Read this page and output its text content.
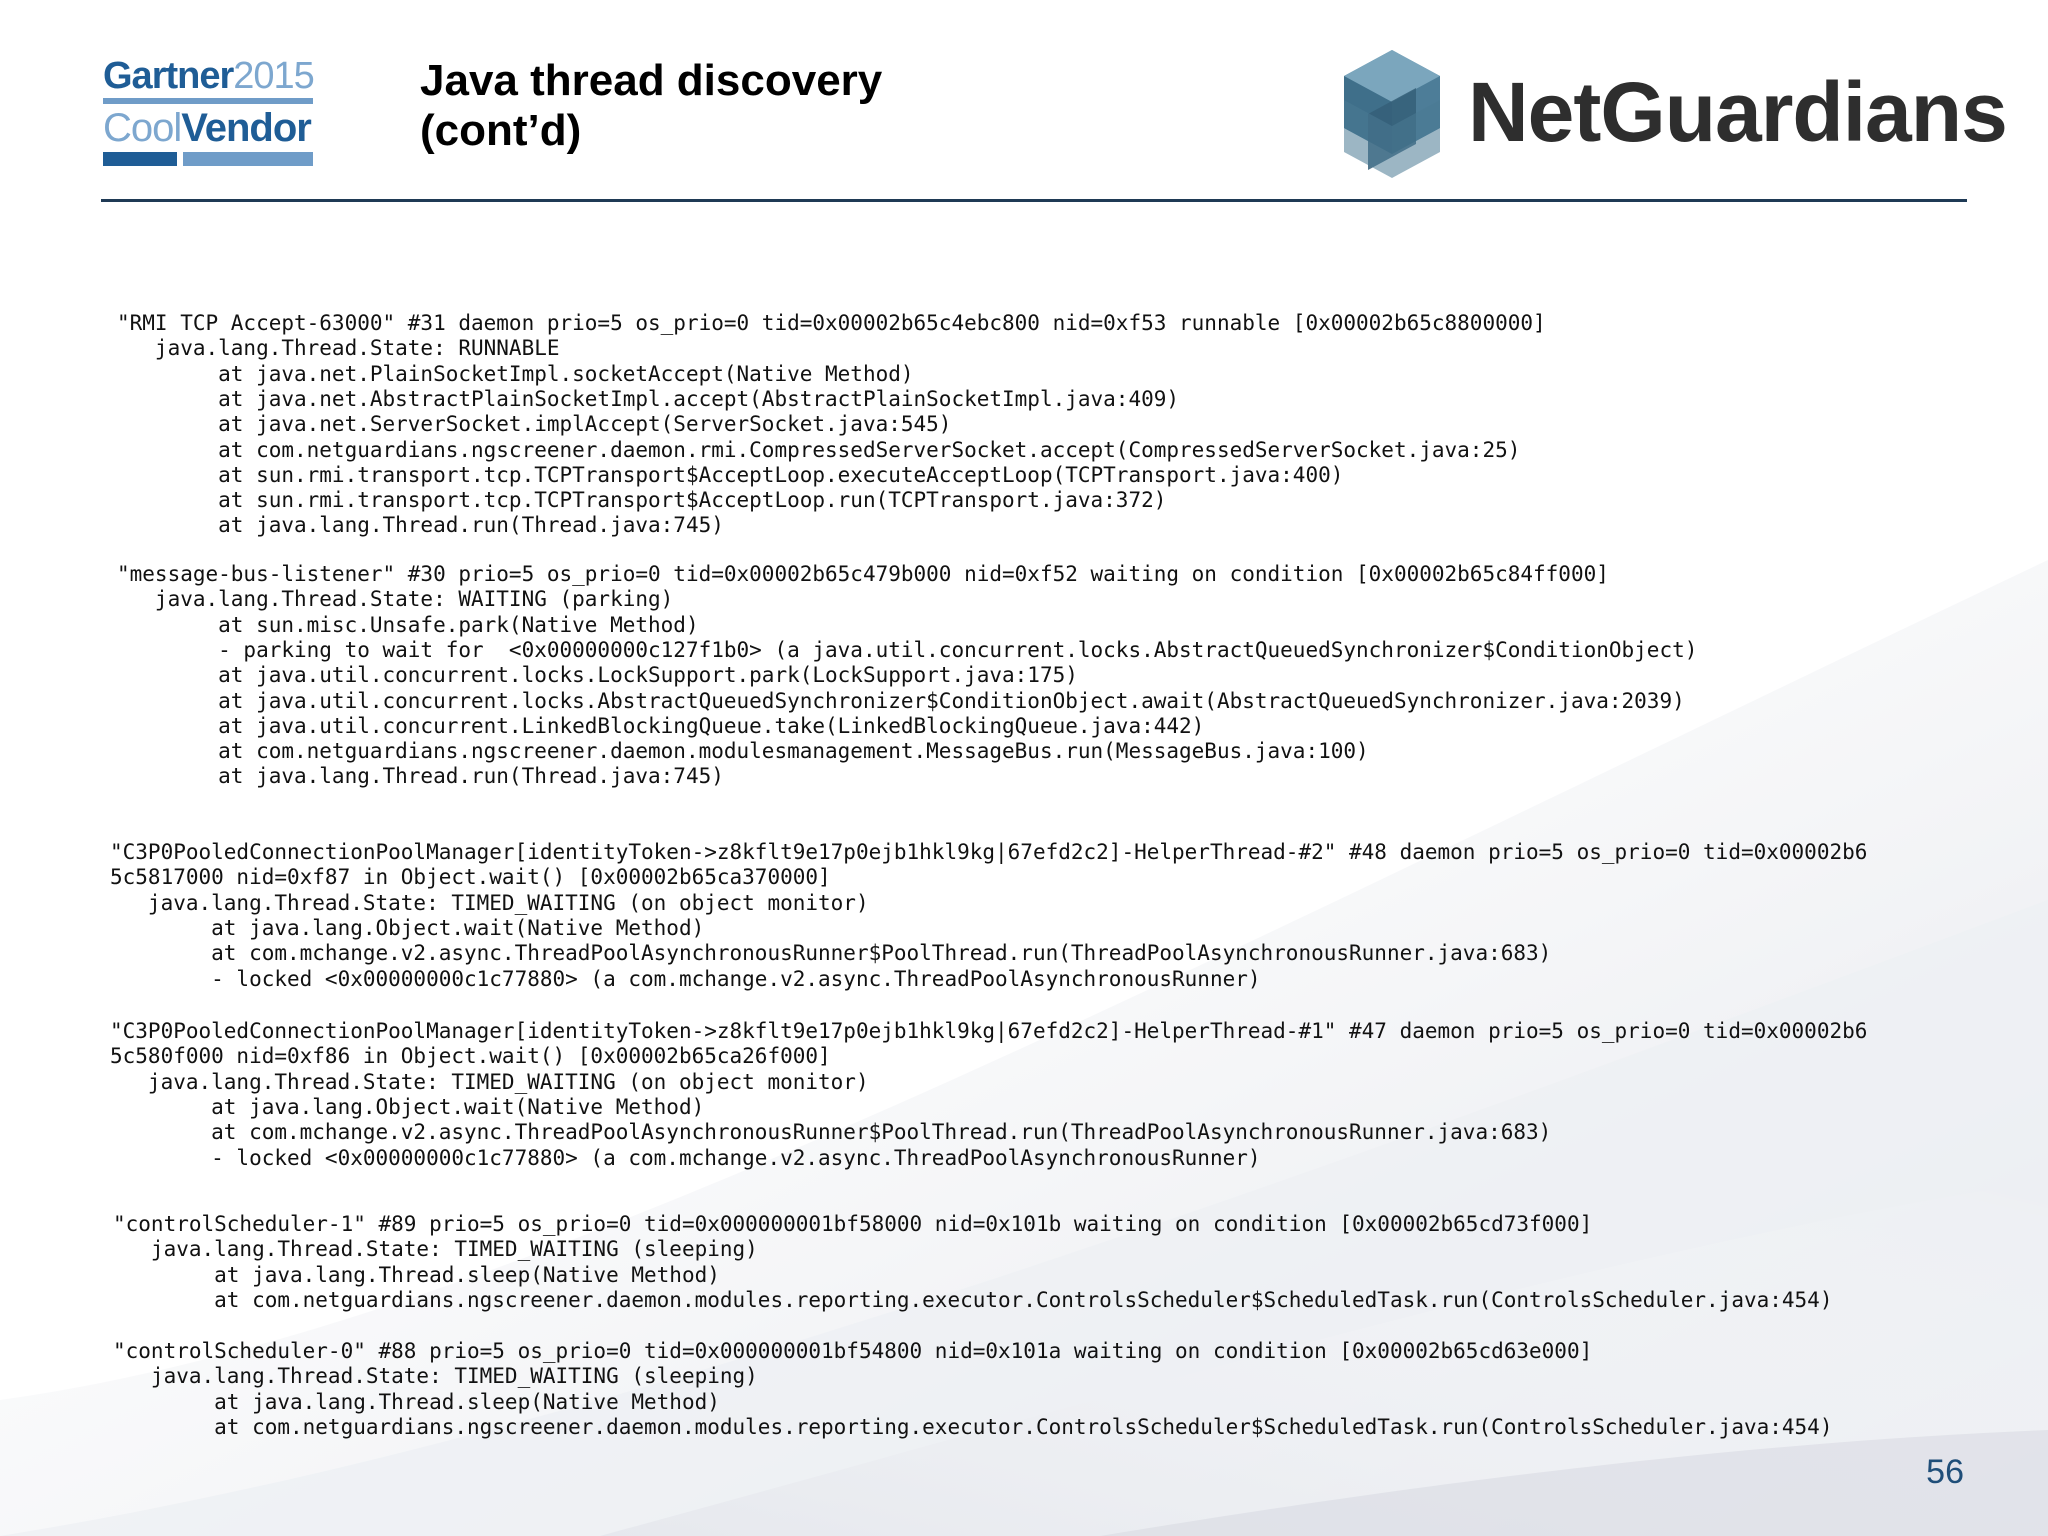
Gartner2015
CoolVendor
Java thread discovery
(cont’d)	NetGuardians
"RMI TCP Accept-63000" #31 daemon prio=5 os_prio=0 tid=0x00002b65c4ebc800 nid=0xf53 runnable [0x00002b65c8800000]
java.lang.Thread.State: RUNNABLE
at java.net.PlainSocketImpl.socketAccept(Native Method)
at java.net.AbstractPlainSocketImpl.accept(AbstractPlainSocketImpl.java:409)
at java.net.ServerSocket.implAccept(ServerSocket.java:545)
at com.netguardians.ngscreener.daemon.rmi.CompressedServerSocket.accept(CompressedServerSocket.java:25)
at sun.rmi.transport.tcp.TCPTransport$AcceptLoop.executeAcceptLoop(TCPTransport.java:400)
at sun.rmi.transport.tcp.TCPTransport$AcceptLoop.run(TCPTransport.java:372)
at java.lang.Thread.run(Thread.java:745)
"message-bus-listener" #30 prio=5 os_prio=0 tid=0x00002b65c479b000 nid=0xf52 waiting on condition [0x00002b65c84ff000]
java.lang.Thread.State: WAITING (parking)
at sun.misc.Unsafe.park(Native Method)
- parking to wait for  <0x00000000c127f1b0> (a java.util.concurrent.locks.AbstractQueuedSynchronizer$ConditionObject)
at java.util.concurrent.locks.LockSupport.park(LockSupport.java:175)
at java.util.concurrent.locks.AbstractQueuedSynchronizer$ConditionObject.await(AbstractQueuedSynchronizer.java:2039)
at java.util.concurrent.LinkedBlockingQueue.take(LinkedBlockingQueue.java:442)
at com.netguardians.ngscreener.daemon.modulesmanagement.MessageBus.run(MessageBus.java:100)
at java.lang.Thread.run(Thread.java:745)
"C3P0PooledConnectionPoolManager[identityToken->z8kflt9e17p0ejb1hkl9kg|67efd2c2]-HelperThread-#2" #48 daemon prio=5 os_prio=0 tid=0x00002b6
5c5817000 nid=0xf87 in Object.wait() [0x00002b65ca370000]
java.lang.Thread.State: TIMED_WAITING (on object monitor)
at java.lang.Object.wait(Native Method)
at com.mchange.v2.async.ThreadPoolAsynchronousRunner$PoolThread.run(ThreadPoolAsynchronousRunner.java:683)
- locked <0x00000000c1c77880> (a com.mchange.v2.async.ThreadPoolAsynchronousRunner)
"C3P0PooledConnectionPoolManager[identityToken->z8kflt9e17p0ejb1hkl9kg|67efd2c2]-HelperThread-#1" #47 daemon prio=5 os_prio=0 tid=0x00002b6
5c580f000 nid=0xf86 in Object.wait() [0x00002b65ca26f000]
java.lang.Thread.State: TIMED_WAITING (on object monitor)
at java.lang.Object.wait(Native Method)
at com.mchange.v2.async.ThreadPoolAsynchronousRunner$PoolThread.run(ThreadPoolAsynchronousRunner.java:683)
- locked <0x00000000c1c77880> (a com.mchange.v2.async.ThreadPoolAsynchronousRunner)
"controlScheduler-1" #89 prio=5 os_prio=0 tid=0x000000001bf58000 nid=0x101b waiting on condition [0x00002b65cd73f000]
java.lang.Thread.State: TIMED_WAITING (sleeping)
at java.lang.Thread.sleep(Native Method)
at com.netguardians.ngscreener.daemon.modules.reporting.executor.ControlsScheduler$ScheduledTask.run(ControlsScheduler.java:454)
"controlScheduler-0" #88 prio=5 os_prio=0 tid=0x000000001bf54800 nid=0x101a waiting on condition [0x00002b65cd63e000]
java.lang.Thread.State: TIMED_WAITING (sleeping)
at java.lang.Thread.sleep(Native Method)
at com.netguardians.ngscreener.daemon.modules.reporting.executor.ControlsScheduler$ScheduledTask.run(ControlsScheduler.java:454)
56
